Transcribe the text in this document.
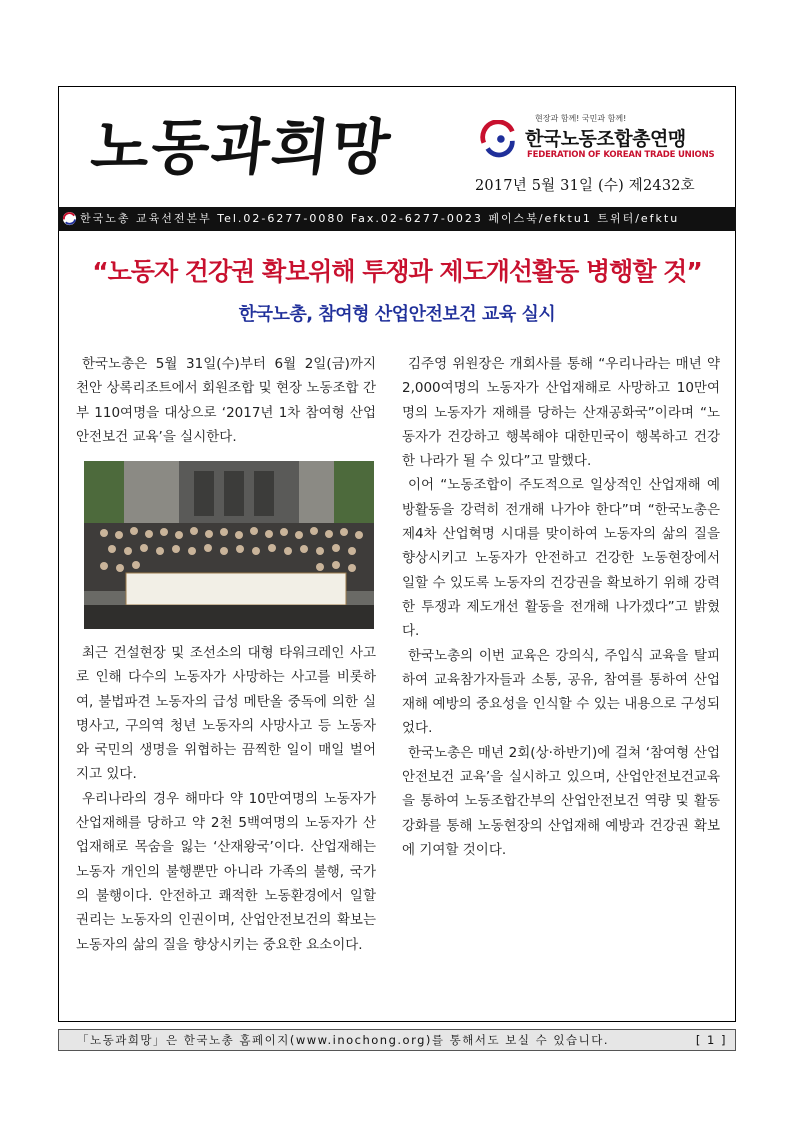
노동과희망	현장과 함께! 국민과 함께!
한국노동조합총연맹
FEDERATION OF KOREAN TRADE UNIONS
2017년 5월 31일 (수) 제2432호
한국노총 교육선전본부 Tel.02-6277-0080 Fax.02-6277-0023 페이스북/efktu1 트위터/efktu
“노동자 건강권 확보위해 투쟁과 제도개선활동 병행할 것”
한국노총, 참여형 산업안전보건 교육 실시

한국노총은 5월 31일(수)부터 6월 2일(금)까지 천안 상록리조트에서 회원조합 및 현장 노동조합 간부 110여명을 대상으로 ‘2017년 1차 참여형 산업안전보건 교육’을 실시한다.

최근 건설현장 및 조선소의 대형 타워크레인 사고로 인해 다수의 노동자가 사망하는 사고를 비롯하여, 불법파견 노동자의 급성 메탄올 중독에 의한 실명사고, 구의역 청년 노동자의 사망사고 등 노동자와 국민의 생명을 위협하는 끔찍한 일이 매일 벌어지고 있다.

우리나라의 경우 해마다 약 10만여명의 노동자가 산업재해를 당하고 약 2천 5백여명의 노동자가 산업재해로 목숨을 잃는 ‘산재왕국’이다. 산업재해는 노동자 개인의 불행뿐만 아니라 가족의 불행, 국가의 불행이다. 안전하고 쾌적한 노동환경에서 일할 권리는 노동자의 인권이며, 산업안전보건의 확보는 노동자의 삶의 질을 향상시키는 중요한 요소이다.

김주영 위원장은 개회사를 통해 “우리나라는 매년 약 2,000여명의 노동자가 산업재해로 사망하고 10만여명의 노동자가 재해를 당하는 산재공화국”이라며 “노동자가 건강하고 행복해야 대한민국이 행복하고 건강한 나라가 될 수 있다”고 말했다.

이어 “노동조합이 주도적으로 일상적인 산업재해 예방활동을 강력히 전개해 나가야 한다”며 “한국노총은 제4차 산업혁명 시대를 맞이하여 노동자의 삶의 질을 향상시키고 노동자가 안전하고 건강한 노동현장에서 일할 수 있도록 노동자의 건강권을 확보하기 위해 강력한 투쟁과 제도개선 활동을 전개해 나가겠다”고 밝혔다.

한국노총의 이번 교육은 강의식, 주입식 교육을 탈피하여 교육참가자들과 소통, 공유, 참여를 통하여 산업재해 예방의 중요성을 인식할 수 있는 내용으로 구성되었다.

한국노총은 매년 2회(상·하반기)에 걸쳐 ‘참여형 산업안전보건 교육’을 실시하고 있으며, 산업안전보건교육을 통하여 노동조합간부의 산업안전보건 역량 및 활동 강화를 통해 노동현장의 산업재해 예방과 건강권 확보에 기여할 것이다.

「노동과희망」은 한국노총 홈페이지(www.inochong.org)를 통해서도 보실 수 있습니다.	[ 1 ]
